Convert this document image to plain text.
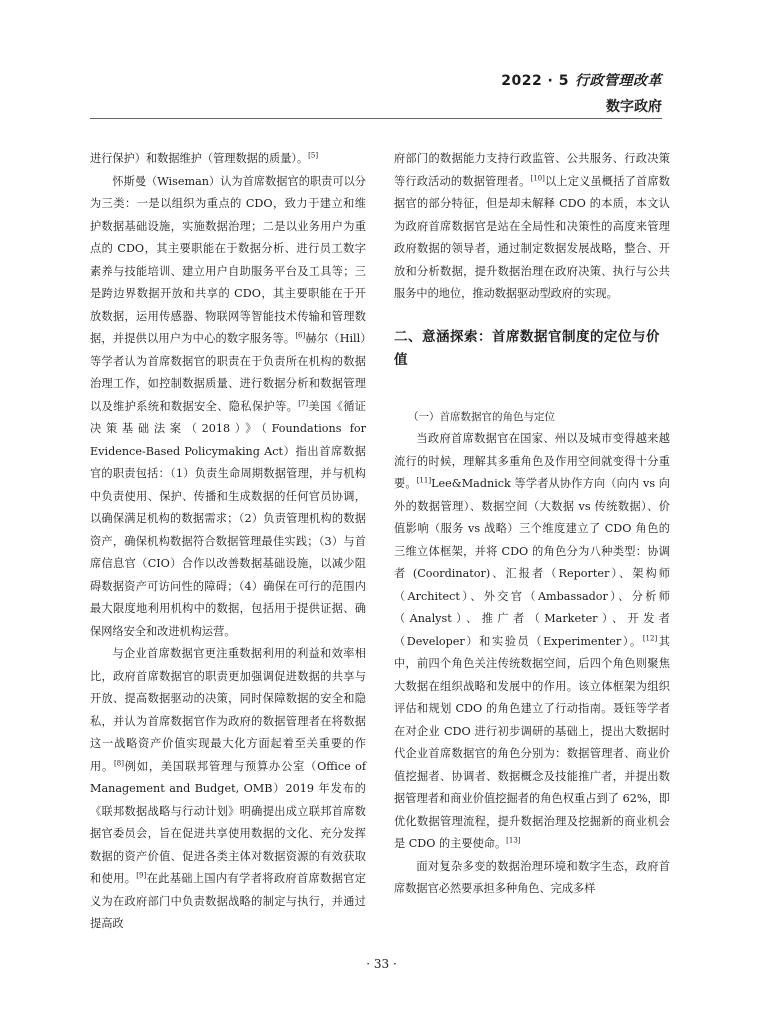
2022 · 5 行政管理改革
数字政府

进行保护）和数据维护（管理数据的质量）。[5]

怀斯曼（Wiseman）认为首席数据官的职责可以分为三类：一是以组织为重点的 CDO，致力于建立和维护数据基础设施，实施数据治理；二是以业务用户为重点的 CDO，其主要职能在于数据分析、进行员工数字素养与技能培训、建立用户自助服务平台及工具等；三是跨边界数据开放和共享的 CDO，其主要职能在于开放数据，运用传感器、物联网等智能技术传输和管理数据，并提供以用户为中心的数字服务等。[6]赫尔（Hill）等学者认为首席数据官的职责在于负责所在机构的数据治理工作，如控制数据质量、进行数据分析和数据管理以及维护系统和数据安全、隐私保护等。[7]美国《循证决策基础法案（2018）》（Foundations for Evidence-Based Policymaking Act）指出首席数据官的职责包括：（1）负责生命周期数据管理，并与机构中负责使用、保护、传播和生成数据的任何官员协调，以确保满足机构的数据需求；（2）负责管理机构的数据资产，确保机构数据符合数据管理最佳实践；（3）与首席信息官（CIO）合作以改善数据基础设施，以减少阻碍数据资产可访问性的障碍；（4）确保在可行的范围内最大限度地利用机构中的数据，包括用于提供证据、确保网络安全和改进机构运营。

与企业首席数据官更注重数据利用的利益和效率相比，政府首席数据官的职责更加强调促进数据的共享与开放、提高数据驱动的决策，同时保障数据的安全和隐私，并认为首席数据官作为政府的数据管理者在将数据这一战略资产价值实现最大化方面起着至关重要的作用。[8]例如，美国联邦管理与预算办公室（Office of Management and Budget, OMB）2019 年发布的《联邦数据战略与行动计划》明确提出成立联邦首席数据官委员会，旨在促进共享使用数据的文化、充分发挥数据的资产价值、促进各类主体对数据资源的有效获取和使用。[9]在此基础上国内有学者将政府首席数据官定义为在政府部门中负责数据战略的制定与执行，并通过提高政

府部门的数据能力支持行政监管、公共服务、行政决策等行政活动的数据管理者。[10]以上定义虽概括了首席数据官的部分特征，但是却未解释 CDO 的本质，本文认为政府首席数据官是站在全局性和决策性的高度来管理政府数据的领导者，通过制定数据发展战略，整合、开放和分析数据，提升数据治理在政府决策、执行与公共服务中的地位，推动数据驱动型政府的实现。

二、意涵探索：首席数据官制度的定位与价值
（一）首席数据官的角色与定位

当政府首席数据官在国家、州以及城市变得越来越流行的时候，理解其多重角色及作用空间就变得十分重要。[11]Lee&Madnick 等学者从协作方向（向内 vs 向外的数据管理）、数据空间（大数据 vs 传统数据）、价值影响（服务 vs 战略）三个维度建立了 CDO 角色的三维立体框架，并将 CDO 的角色分为八种类型：协调者 (Coordinator)、汇报者（Reporter）、架构师（Architect）、外交官（Ambassador）、分析师（Analyst）、推广者（Marketer）、开发者（Developer）和实验员（Experimenter）。[12]其中，前四个角色关注传统数据空间，后四个角色则聚焦大数据在组织战略和发展中的作用。该立体框架为组织评估和规划 CDO 的角色建立了行动指南。聂钰等学者在对企业 CDO 进行初步调研的基础上，提出大数据时代企业首席数据官的角色分别为：数据管理者、商业价值挖掘者、协调者、数据概念及技能推广者，并提出数据管理者和商业价值挖掘者的角色权重占到了 62%，即优化数据管理流程，提升数据治理及挖掘新的商业机会是 CDO 的主要使命。[13]

面对复杂多变的数据治理环境和数字生态，政府首席数据官必然要承担多种角色、完成多样

· 33 ·
